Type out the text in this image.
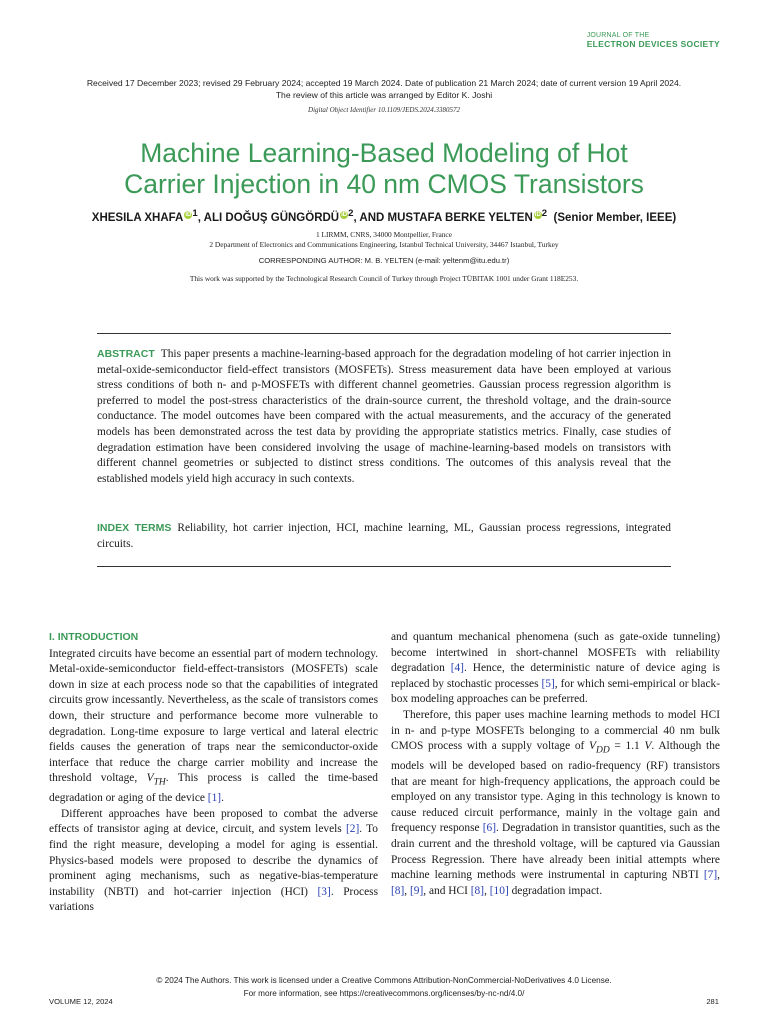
JOURNAL OF THE
ELECTRON DEVICES SOCIETY
Received 17 December 2023; revised 29 February 2024; accepted 19 March 2024. Date of publication 21 March 2024; date of current version 19 April 2024.
The review of this article was arranged by Editor K. Joshi
Digital Object Identifier 10.1109/JEDS.2024.3380572
Machine Learning-Based Modeling of Hot
Carrier Injection in 40 nm CMOS Transistors
XHESILA XHAFA $iD^1$, ALI DOĞUŞ GÜNGÖRDÜ $iD^2$, AND MUSTAFA BERKE YELTEN $iD^2$ (Senior Member, IEEE)
1 LIRMM, CNRS, 34000 Montpellier, France
2 Department of Electronics and Communications Engineering, Istanbul Technical University, 34467 Istanbul, Turkey
CORRESPONDING AUTHOR: M. B. YELTEN (e-mail: yeltenm@itu.edu.tr)
This work was supported by the Technological Research Council of Turkey through Project TÜBITAK 1001 under Grant 118E253.

ABSTRACT This paper presents a machine-learning-based approach for the degradation modeling of hot carrier injection in metal-oxide-semiconductor field-effect transistors (MOSFETs). Stress measurement data have been employed at various stress conditions of both n- and p-MOSFETs with different channel geometries. Gaussian process regression algorithm is preferred to model the post-stress characteristics of the drain-source current, the threshold voltage, and the drain-source conductance. The model outcomes have been compared with the actual measurements, and the accuracy of the generated models has been demonstrated across the test data by providing the appropriate statistics metrics. Finally, case studies of degradation estimation have been considered involving the usage of machine-learning-based models on transistors with different channel geometries or subjected to distinct stress conditions. The outcomes of this analysis reveal that the established models yield high accuracy in such contexts.

INDEX TERMS Reliability, hot carrier injection, HCI, machine learning, ML, Gaussian process regressions, integrated circuits.

I. INTRODUCTION

Integrated circuits have become an essential part of modern technology. Metal-oxide-semiconductor field-effect-transistors (MOSFETs) scale down in size at each process node so that the capabilities of integrated circuits grow incessantly. Nevertheless, as the scale of transistors comes down, their structure and performance become more vulnerable to degradation. Long-time exposure to large vertical and lateral electric fields causes the generation of traps near the semiconductor-oxide interface that reduce the charge carrier mobility and increase the threshold voltage, $V_{TH}$. This process is called the time-based degradation or aging of the device [1].

Different approaches have been proposed to combat the adverse effects of transistor aging at device, circuit, and system levels [2]. To find the right measure, developing a model for aging is essential. Physics-based models were proposed to describe the dynamics of prominent aging mechanisms, such as negative-bias-temperature instability (NBTI) and hot-carrier injection (HCI) [3]. Process variations

and quantum mechanical phenomena (such as gate-oxide tunneling) become intertwined in short-channel MOSFETs with reliability degradation [4]. Hence, the deterministic nature of device aging is replaced by stochastic processes [5], for which semi-empirical or black-box modeling approaches can be preferred.

Therefore, this paper uses machine learning methods to model HCI in n- and p-type MOSFETs belonging to a commercial 40 nm bulk CMOS process with a supply voltage of $V_{DD} = 1.1$ V. Although the models will be developed based on radio-frequency (RF) transistors that are meant for high-frequency applications, the approach could be employed on any transistor type. Aging in this technology is known to cause reduced circuit performance, mainly in the voltage gain and frequency response [6]. Degradation in transistor quantities, such as the drain current and the threshold voltage, will be captured via Gaussian Process Regression. There have already been initial attempts where machine learning methods were instrumental in capturing NBTI [7], [8], [9], and HCI [8], [10] degradation impact.

© 2024 The Authors. This work is licensed under a Creative Commons Attribution-NonCommercial-NoDerivatives 4.0 License.
For more information, see https://creativecommons.org/licenses/by-nc-nd/4.0/
VOLUME 12, 2024	281
